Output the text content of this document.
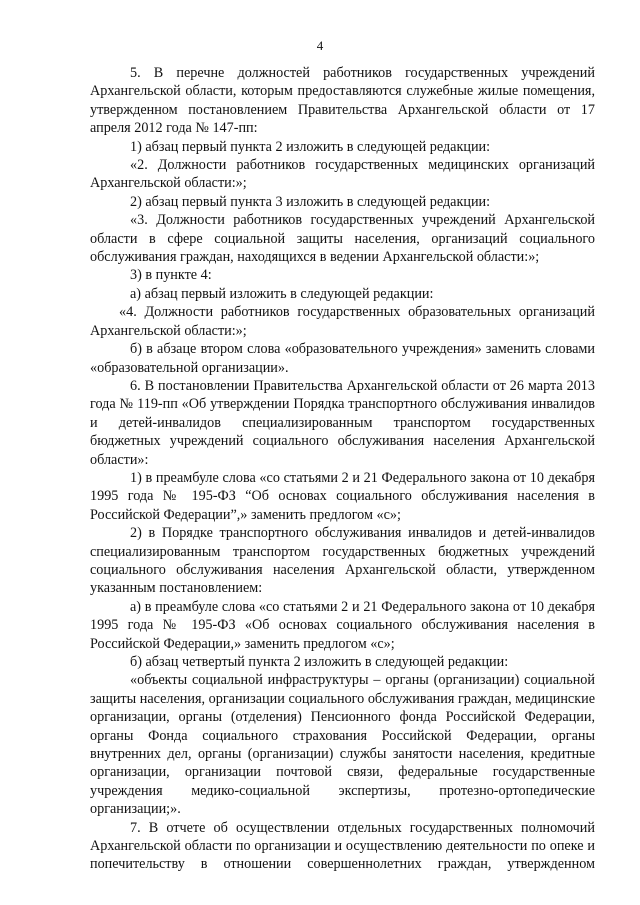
4

5. В перечне должностей работников государственных учреждений Архангельской области, которым предоставляются служебные жилые помещения, утвержденном постановлением Правительства Архангельской области от 17 апреля 2012 года № 147-пп:

1) абзац первый пункта 2 изложить в следующей редакции:

«2. Должности работников государственных медицинских организаций Архангельской области:»;

2) абзац первый пункта 3 изложить в следующей редакции:

«3. Должности работников государственных учреждений Архангельской области в сфере социальной защиты населения, организаций социального обслуживания граждан, находящихся в ведении Архангельской области:»;

3) в пункте 4:

а) абзац первый изложить в следующей редакции:

«4. Должности работников государственных образовательных организаций Архангельской области:»;

б) в абзаце втором слова «образовательного учреждения» заменить словами «образовательной организации».

6. В постановлении Правительства Архангельской области от 26 марта 2013 года № 119-пп «Об утверждении Порядка транспортного обслуживания инвалидов и детей-инвалидов специализированным транспортом государственных бюджетных учреждений социального обслуживания населения Архангельской области»:

1) в преамбуле слова «со статьями 2 и 21 Федерального закона от 10 декабря 1995 года № 195-ФЗ “Об основах социального обслуживания населения в Российской Федерации”,» заменить предлогом «с»;

2) в Порядке транспортного обслуживания инвалидов и детей-инвалидов специализированным транспортом государственных бюджетных учреждений социального обслуживания населения Архангельской области, утвержденном указанным постановлением:

а) в преамбуле слова «со статьями 2 и 21 Федерального закона от 10 декабря 1995 года № 195-ФЗ «Об основах социального обслуживания населения в Российской Федерации,» заменить предлогом «с»;

б) абзац четвертый пункта 2 изложить в следующей редакции:

«объекты социальной инфраструктуры – органы (организации) социальной защиты населения, организации социального обслуживания граждан, медицинские организации, органы (отделения) Пенсионного фонда Российской Федерации, органы Фонда социального страхования Российской Федерации, органы внутренних дел, органы (организации) службы занятости населения, кредитные организации, организации почтовой связи, федеральные государственные учреждения медико-социальной экспертизы, протезно-ортопедические организации;».

7. В отчете об осуществлении отдельных государственных полномочий Архангельской области по организации и осуществлению деятельности по опеке и попечительству в отношении совершеннолетних граждан, утвержденном
